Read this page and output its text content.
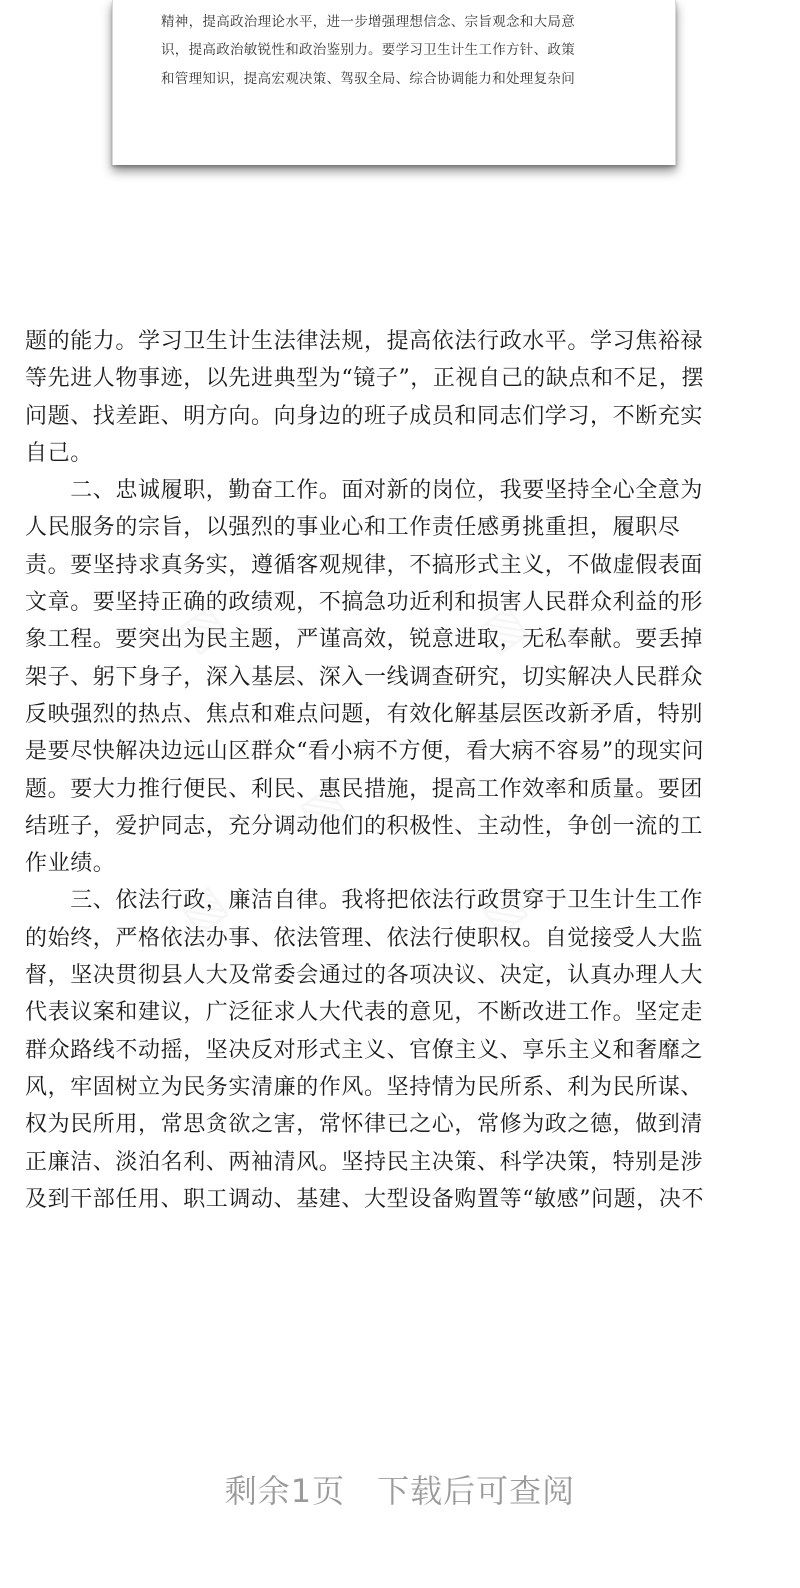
精神，提高政治理论水平，进一步增强理想信念、宗旨观念和大局意
识，提高政治敏锐性和政治鉴别力。要学习卫生计生工作方针、政策
和管理知识，提高宏观决策、驾驭全局、综合协调能力和处理复杂问
题的能力。学习卫生计生法律法规，提高依法行政水平。学习焦裕禄
等先进人物事迹，以先进典型为“镜子”，正视自己的缺点和不足，摆
问题、找差距、明方向。向身边的班子成员和同志们学习，不断充实
自己。
　　二、忠诚履职，勤奋工作。面对新的岗位，我要坚持全心全意为
人民服务的宗旨，以强烈的事业心和工作责任感勇挑重担，履职尽
责。要坚持求真务实，遵循客观规律，不搞形式主义，不做虚假表面
文章。要坚持正确的政绩观，不搞急功近利和损害人民群众利益的形
象工程。要突出为民主题，严谨高效，锐意进取，无私奉献。要丢掉
架子、躬下身子，深入基层、深入一线调查研究，切实解决人民群众
反映强烈的热点、焦点和难点问题，有效化解基层医改新矛盾，特别
是要尽快解决边远山区群众“看小病不方便，看大病不容易”的现实问
题。要大力推行便民、利民、惠民措施，提高工作效率和质量。要团
结班子，爱护同志，充分调动他们的积极性、主动性，争创一流的工
作业绩。
　　三、依法行政，廉洁自律。我将把依法行政贯穿于卫生计生工作
的始终，严格依法办事、依法管理、依法行使职权。自觉接受人大监
督，坚决贯彻县人大及常委会通过的各项决议、决定，认真办理人大
代表议案和建议，广泛征求人大代表的意见，不断改进工作。坚定走
群众路线不动摇，坚决反对形式主义、官僚主义、享乐主义和奢靡之
风，牢固树立为民务实清廉的作风。坚持情为民所系、利为民所谋、
权为民所用，常思贪欲之害，常怀律已之心，常修为政之德，做到清
正廉洁、淡泊名利、两袖清风。坚持民主决策、科学决策，特别是涉
及到干部任用、职工调动、基建、大型设备购置等“敏感”问题，决不
剩余1页 下载后可查阅
